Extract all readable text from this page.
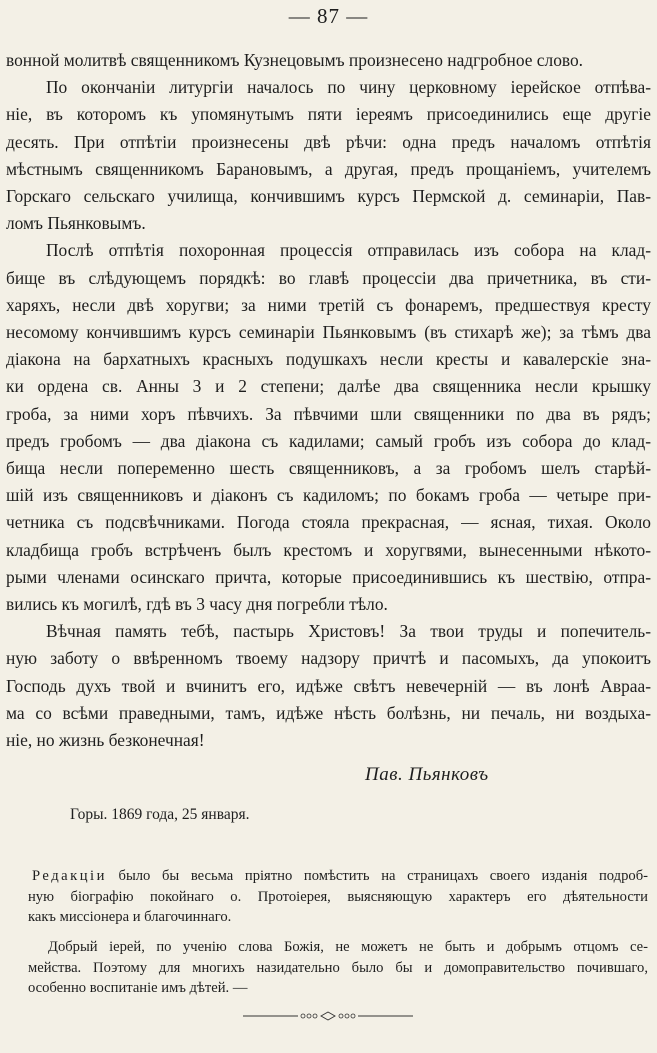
— 87 —

вонной молитвѣ священникомъ Кузнецовымъ произнесено надгробное слово.

По окончаніи литургіи началось по чину церковному іерейское отпѣва-
ніе, въ которомъ къ упомянутымъ пяти іереямъ присоединились еще другіе
десять. При отпѣтіи произнесены двѣ рѣчи: одна предъ началомъ отпѣтія
мѣстнымъ священникомъ Барановымъ, а другая, предъ прощаніемъ, учителемъ
Горскаго сельскаго училища, кончившимъ курсъ Пермской д. семинаріи, Пав-
ломъ Пьянковымъ.

Послѣ отпѣтія похоронная процессія отправилась изъ собора на клад-
бище въ слѣдующемъ порядкѣ: во главѣ процессіи два причетника, въ сти-
харяхъ, несли двѣ хоругви; за ними третій съ фонаремъ, предшествуя кресту
несомому кончившимъ курсъ семинаріи Пьянковымъ (въ стихарѣ же); за тѣмъ два
діакона на бархатныхъ красныхъ подушкахъ несли кресты и кавалерскіе зна-
ки ордена св. Анны 3 и 2 степени; далѣе два священника несли крышку
гроба, за ними хоръ пѣвчихъ. За пѣвчими шли священники по два въ рядъ;
предъ гробомъ — два діакона съ кадилами; самый гробъ изъ собора до клад-
бища несли попеременно шесть священниковъ, а за гробомъ шелъ старѣй-
шій изъ священниковъ и діаконъ съ кадиломъ; по бокамъ гроба — четыре при-
четника съ подсвѣчниками. Погода стояла прекрасная, — ясная, тихая. Около
кладбища гробъ встрѣченъ былъ крестомъ и хоругвями, вынесенными нѣкото-
рыми членами осинскаго причта, которые присоединившись къ шествію, отпра-
вились къ могилѣ, гдѣ въ 3 часу дня погребли тѣло.

Вѣчная память тебѣ, пастырь Христовъ! За твои труды и попечитель-
ную заботу о ввѣренномъ твоему надзору причтѣ и пасомыхъ, да упокоитъ
Господь духъ твой и вчинитъ его, идѣже свѣтъ невечерній — въ лонѣ Авраа-
ма со всѣми праведными, тамъ, идѣже нѣсть болѣзнь, ни печаль, ни воздыха-
ніе, но жизнь безконечная!

Пав. Пьянковъ
Горы. 1869 года, 25 января.
Редакціи было бы весьма пріятно помѣстить на страницахъ своего изданія подроб-
ную біографію покойнаго о. Протоіерея, выясняющую характеръ его дѣятельности
какъ миссіонера и благочиннаго.
Добрый іерей, по ученію слова Божія, не можетъ не быть и добрымъ отцомъ се-
мейства. Поэтому для многихъ назидательно было бы и домоправительство почившаго,
особенно воспитаніе имъ дѣтей. —
